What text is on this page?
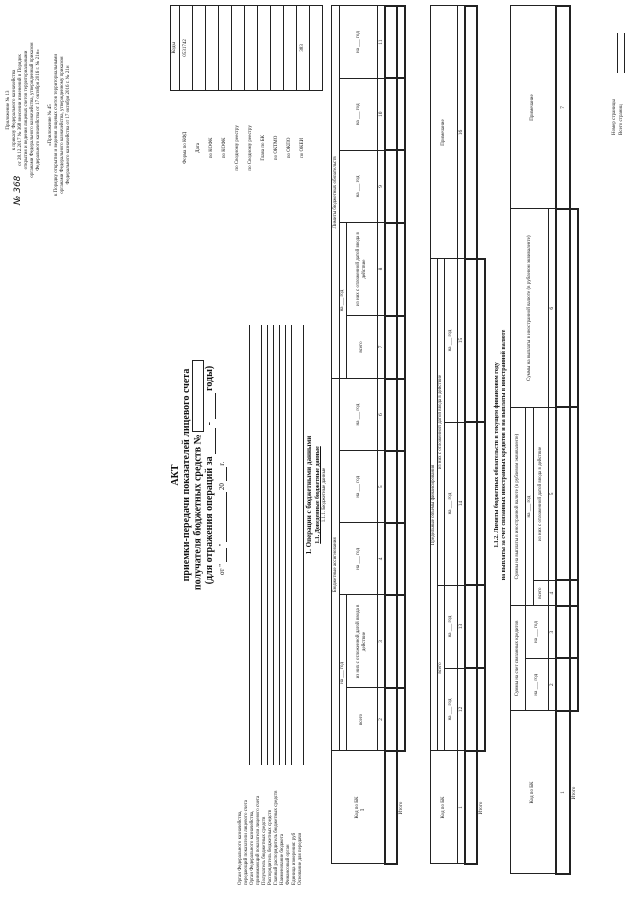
Приложение № 13 к приказу Федерального казначейства от 28.12.2017 № 368 внесении изменений в Порядок открытия и ведения лицевых счетов территориальными органами Федерального казначейства, утвержденный приказом Федерального казначейства от 17 октября 2016 г. № 21н»
№ 368
«Приложение № 45 к Порядку открытия и ведения лицевых счетов территориальными органами Федерального казначейства, утвержденному приказом Федерального казначейства от 17 октября 2016 г. № 21н
АКТ приемки-передачи показателей лицевого счета получателя бюджетных средств № (для отражения операций за   -   годы)
от "   "   20   г.
	Коды
Форма по КФД	0531742
Дата	
по КОФК	
по КОФК	
по Сводному реестру	
по Сводному реестру	
Глава по БК	
по ОКТМО	
по ОКПО	
по ОКЕИ	383

Орган Федерального казначейства, передающий показатели лицевого счета Орган Федерального казначейства, принимающий показатели лицевого счета Получатель бюджетных средств Распорядитель бюджетных средств Главный распорядитель бюджетных средств Наименование бюджета Финансовый орган Единица измерения: руб Основание для передачи
1. Операции с бюджетными данными 1.1. Доведенные бюджетные данные 1.1.1. Бюджетные данные
Код по БК	Бюджетные ассигнования					Лимиты бюджетных обязательств				
	на ___ год		на ___ год	на ___ год	на ___ год	на ___ год		на ___ год	на ___ год	на ___ год
	всего	из них с отложенной датой ввода в действие				всего	из них с отложенной датой ввода в действие			
	2	3	4	5	6	7	8	9	10	11

Итого										
1	Код по БК	Предельные объемы финансирования				Примечание
	всего		из них с отложенной датой ввода в действие		
	на ___ год	на ___ год	на ___ год	на ___ год	
1	12	13	14	15	16

Итого					
1.1.2. Лимиты бюджетных обязательств в текущем финансовом году на выплаты за счет связанных иностранных кредитов и на выплаты в иностранной валюте
Код по БК	Суммы на счет связанных кредитов		Суммы на выплаты в иностранной валюте (в рублевом эквиваленте)		Суммы на выплаты в иностранной валюте (в рублевом эквиваленте)	Примечание
	на ___ год	на ___ год	на ___ год			
			всего	из них с отложенной датой ввода в действие		
	2	3	4	5	6	
1						7
Итого						
Номер страницы Всего страниц
